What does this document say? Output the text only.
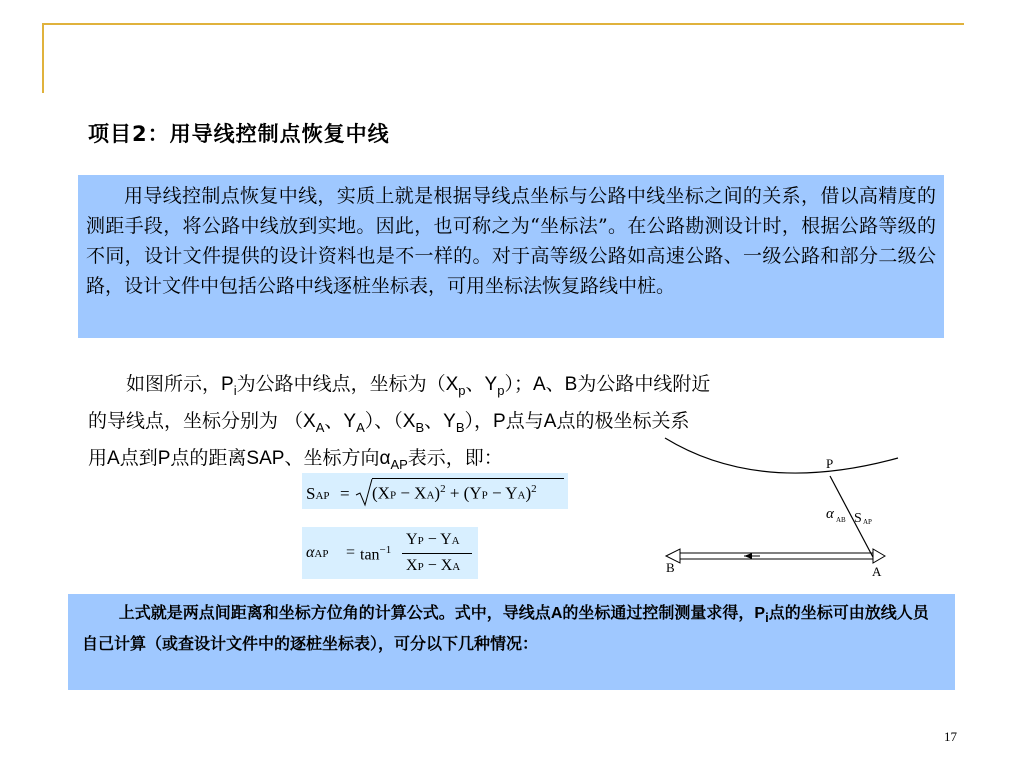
项目2：用导线控制点恢复中线

用导线控制点恢复中线，实质上就是根据导线点坐标与公路中线坐标之间的关系，借以高精度的测距手段，将公路中线放到实地。因此，也可称之为“坐标法”。在公路勘测设计时，根据公路等级的不同，设计文件提供的设计资料也是不一样的。对于高等级公路如高速公路、一级公路和部分二级公路，设计文件中包括公路中线逐桩坐标表，可用坐标法恢复路线中桩。

如图所示，$P_i$为公路中线点，坐标为（$X_p$、$Y_p$）；A、B为公路中线附近
的导线点，坐标分别为 （$X_A$、$Y_A$）、（$X_B$、$Y_B$），P点与A点的极坐标关系
用A点到P点的距离SAP、坐标方向$\alpha_{AP}$表示，即：
SAP = (XP − XA)$^2$ + (YP − YA)$^2$
$\alpha AP = \tan^{-1}$
YP − YA
XP − XA
P
A
B
α AB S AP

上式就是两点间距离和坐标方位角的计算公式。式中，导线点A的坐标通过控制测量求得，$P_i$点的坐标可由放线人员自己计算（或查设计文件中的逐桩坐标表），可分以下几种情况：

17
